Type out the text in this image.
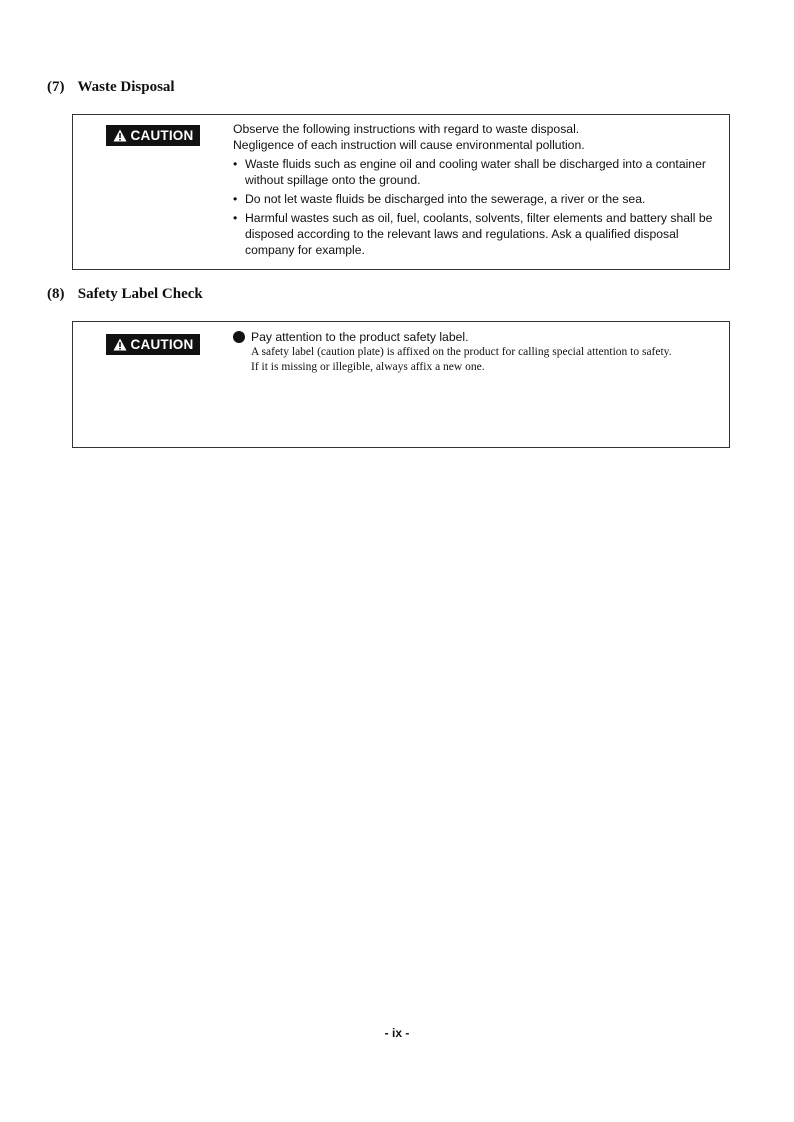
(7) Waste Disposal
CAUTION	Observe the following instructions with regard to waste disposal.

Negligence of each instruction will cause environmental pollution.

• Waste fluids such as engine oil and cooling water shall be discharged into a container without spillage onto the ground.
• Do not let waste fluids be discharged into the sewerage, a river or the sea.
• Harmful wastes such as oil, fuel, coolants, solvents, filter elements and battery shall be disposed according to the relevant laws and regulations. Ask a qualified disposal company for example.
(8) Safety Label Check
CAUTION	Pay attention to the product safety label.

A safety label (caution plate) is affixed on the product for calling special attention to safety.

If it is missing or illegible, always affix a new one.

- ix -
